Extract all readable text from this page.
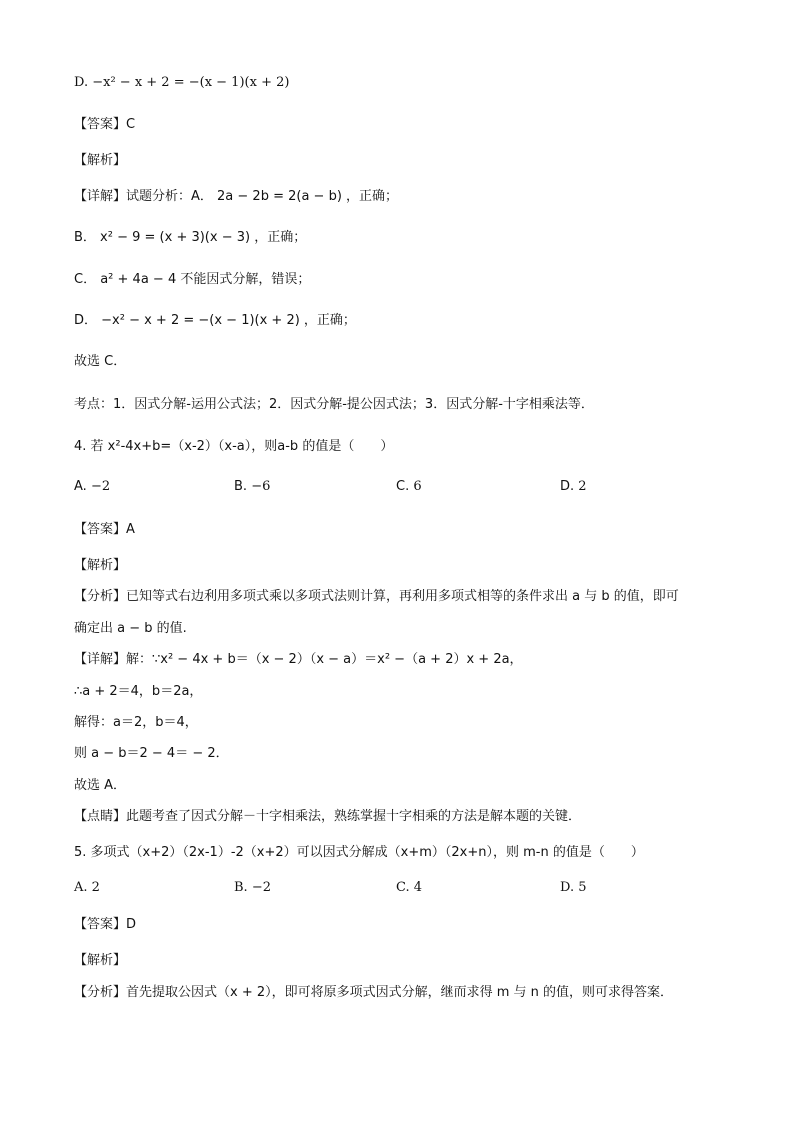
D. −x² − x + 2 = −(x − 1)(x + 2)
【答案】C
【解析】
【详解】试题分析：A． 2a − 2b = 2(a − b) ，正确；
B． x² − 9 = (x + 3)(x − 3) ，正确；
C． a² + 4a − 4 不能因式分解，错误；
D． −x² − x + 2 = −(x − 1)(x + 2) ，正确；
故选 C．
考点：1．因式分解-运用公式法；2．因式分解-提公因式法；3．因式分解-十字相乘法等．
4. 若 x²-4x+b=（x-2）（x-a），则a-b 的值是（　　）
A. −2	B. −6	C. 6	D. 2
【答案】A
【解析】
【分析】已知等式右边利用多项式乘以多项式法则计算，再利用多项式相等的条件求出 a 与 b 的值，即可
确定出 a − b 的值.
【详解】解：∵x² − 4x + b＝（x − 2）（x − a）＝x² −（a + 2）x + 2a，
∴a + 2＝4，b＝2a，
解得：a＝2，b＝4，
则 a − b＝2 − 4＝ − 2．
故选 A．
【点睛】此题考查了因式分解－十字相乘法，熟练掌握十字相乘的方法是解本题的关键．
5. 多项式（x+2）（2x-1）-2（x+2）可以因式分解成（x+m）（2x+n），则 m-n 的值是（　　）
A. 2	B. −2	C. 4	D. 5
【答案】D
【解析】
【分析】首先提取公因式（x + 2），即可将原多项式因式分解，继而求得 m 与 n 的值，则可求得答案．
